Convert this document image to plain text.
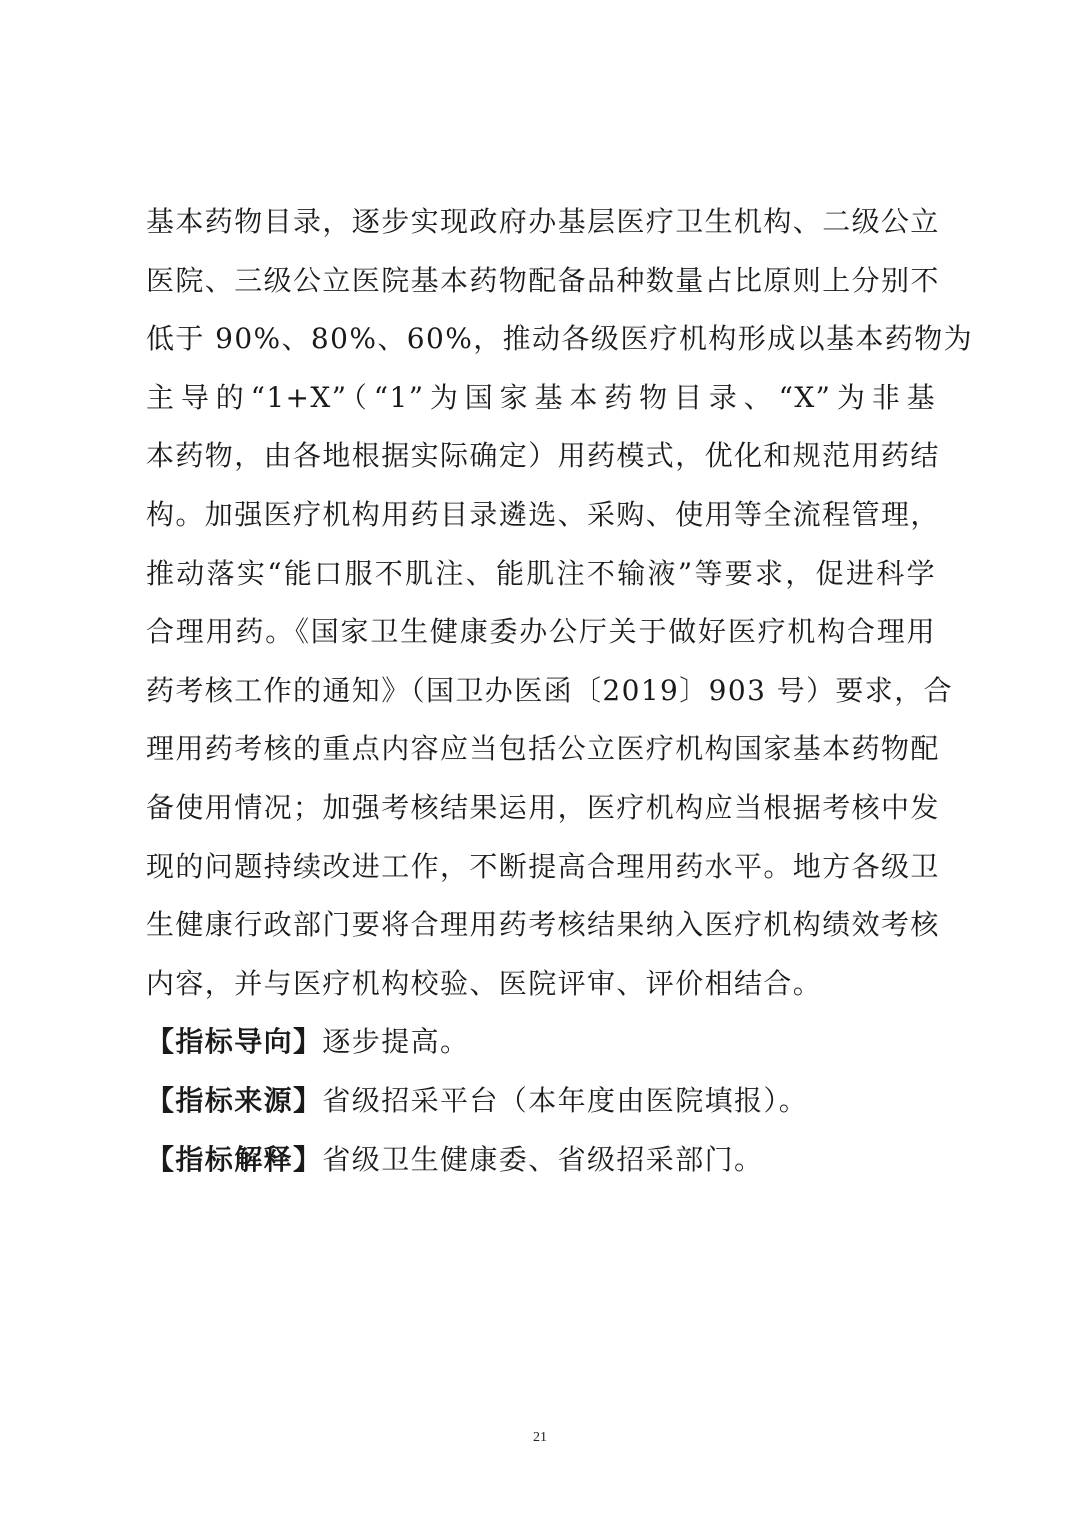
基本药物目录，逐步实现政府办基层医疗卫生机构、二级公立
医院、三级公立医院基本药物配备品种数量占比原则上分别不
低于 90%、80%、60%，推动各级医疗机构形成以基本药物为
主导的“1+X”（“1”为国家基本药物目录、“X”为非基
本药物，由各地根据实际确定）用药模式，优化和规范用药结
构。加强医疗机构用药目录遴选、采购、使用等全流程管理，
推动落实“能口服不肌注、能肌注不输液”等要求，促进科学
合理用药。《国家卫生健康委办公厅关于做好医疗机构合理用
药考核工作的通知》（国卫办医函〔2019〕903 号）要求，合
理用药考核的重点内容应当包括公立医疗机构国家基本药物配
备使用情况；加强考核结果运用，医疗机构应当根据考核中发
现的问题持续改进工作，不断提高合理用药水平。地方各级卫
生健康行政部门要将合理用药考核结果纳入医疗机构绩效考核
内容，并与医疗机构校验、医院评审、评价相结合。
【指标导向】逐步提高。
【指标来源】省级招采平台（本年度由医院填报）。
【指标解释】省级卫生健康委、省级招采部门。
21
